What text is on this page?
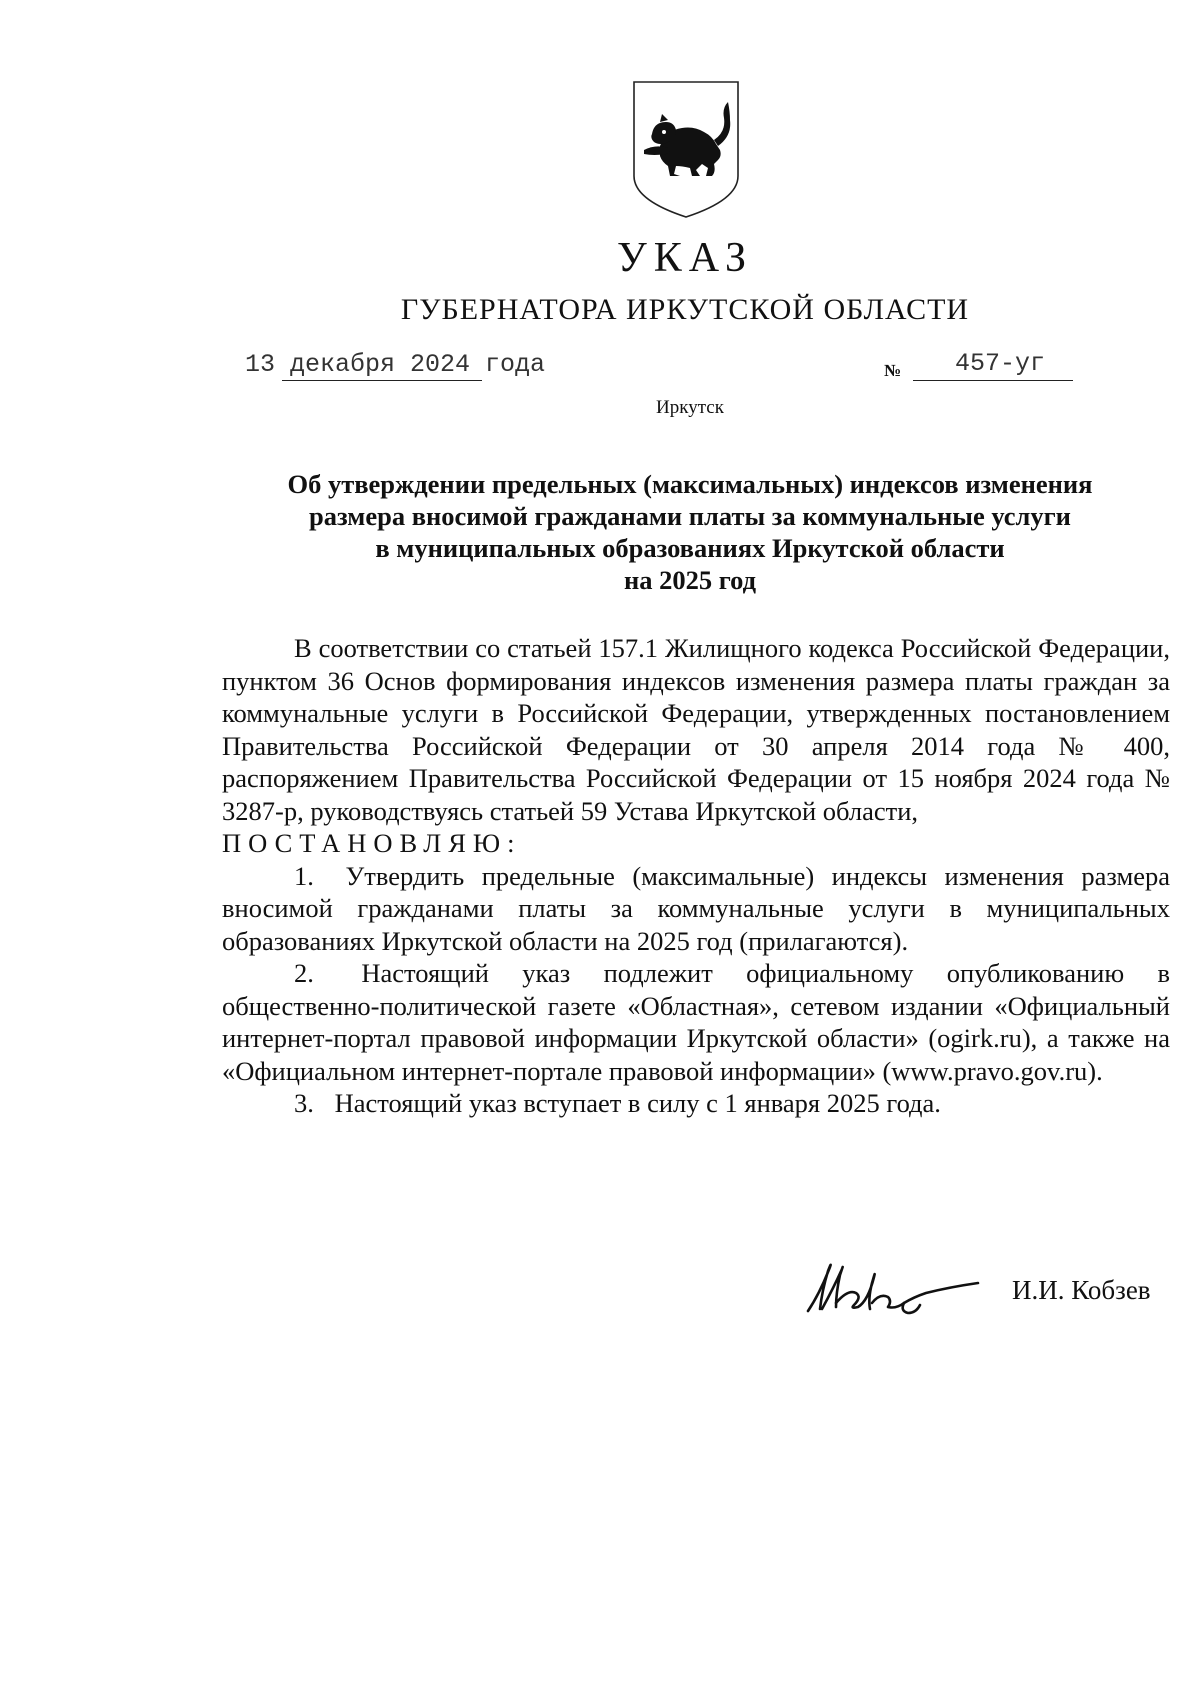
УКАЗ
ГУБЕРНАТОРА ИРКУТСКОЙ ОБЛАСТИ
13 декабря 2024 года	№ 457-уг
Иркутск
Об утверждении предельных (максимальных) индексов изменения
размера вносимой гражданами платы за коммунальные услуги
в муниципальных образованиях Иркутской области
на 2025 год

В соответствии со статьей 157.1 Жилищного кодекса Российской Федерации, пунктом 36 Основ формирования индексов изменения размера платы граждан за коммунальные услуги в Российской Федерации, утвержденных постановлением Правительства Российской Федерации от 30 апреля 2014 года № 400, распоряжением Правительства Российской Федерации от 15 ноября 2024 года № 3287-р, руководствуясь статьей 59 Устава Иркутской области,

ПОСТАНОВЛЯЮ:

1. Утвердить предельные (максимальные) индексы изменения размера вносимой гражданами платы за коммунальные услуги в муниципальных образованиях Иркутской области на 2025 год (прилагаются).

2. Настоящий указ подлежит официальному опубликованию в общественно-политической газете «Областная», сетевом издании «Официальный интернет-портал правовой информации Иркутской области» (ogirk.ru), а также на «Официальном интернет-портале правовой информации» (www.pravo.gov.ru).

3. Настоящий указ вступает в силу с 1 января 2025 года.

И.И. Кобзев
